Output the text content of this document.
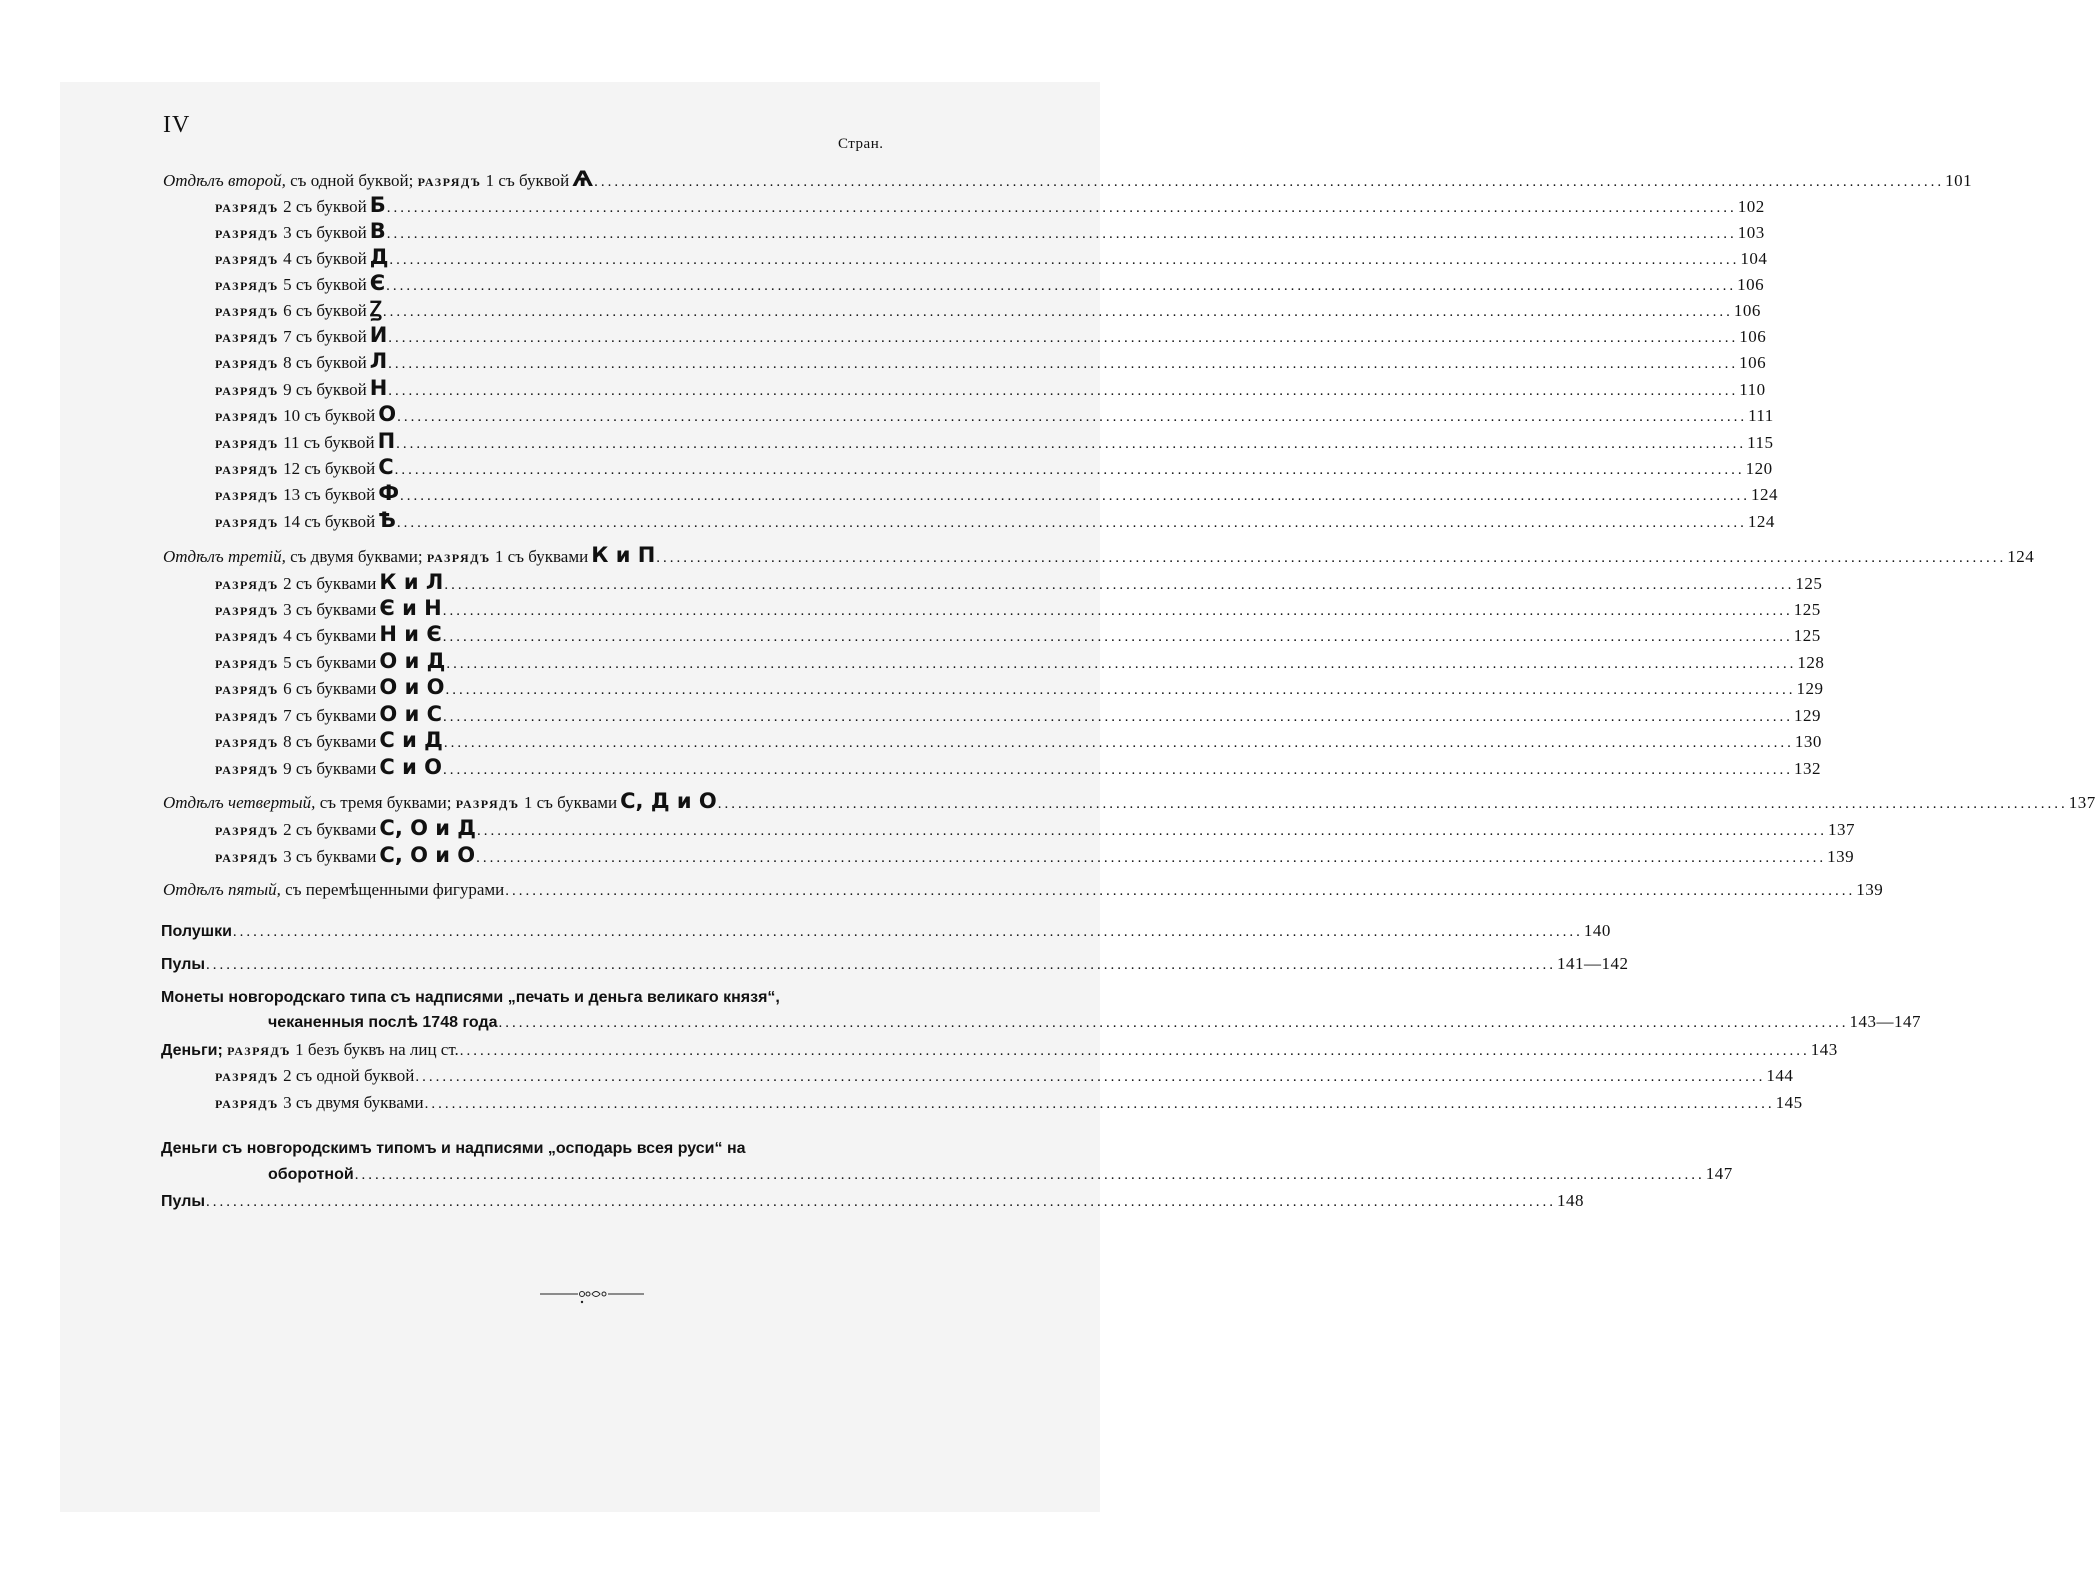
IV
Стран.
Отдѣлъ второй, съ одной буквой; РАЗРЯДЪ 1 съ буквой Ѧ ........................................................................................................................................................................................................ 101
РАЗРЯДЪ 2 съ буквой Б ........................................................................................................................................................................................................ 102
РАЗРЯДЪ 3 съ буквой В ........................................................................................................................................................................................................ 103
РАЗРЯДЪ 4 съ буквой Д ........................................................................................................................................................................................................ 104
РАЗРЯДЪ 5 съ буквой Є ........................................................................................................................................................................................................ 106
РАЗРЯДЪ 6 съ буквой Ꙁ ........................................................................................................................................................................................................ 106
РАЗРЯДЪ 7 съ буквой И ........................................................................................................................................................................................................ 106
РАЗРЯДЪ 8 съ буквой Л ........................................................................................................................................................................................................ 106
РАЗРЯДЪ 9 съ буквой Н ........................................................................................................................................................................................................ 110
РАЗРЯДЪ 10 съ буквой О ........................................................................................................................................................................................................ 111
РАЗРЯДЪ 11 съ буквой П ........................................................................................................................................................................................................ 115
РАЗРЯДЪ 12 съ буквой С ........................................................................................................................................................................................................ 120
РАЗРЯДЪ 13 съ буквой Ф ........................................................................................................................................................................................................ 124
РАЗРЯДЪ 14 съ буквой Ѣ ........................................................................................................................................................................................................ 124
Отдѣлъ третій, съ двумя буквами; РАЗРЯДЪ 1 съ буквами К и П ........................................................................................................................................................................................................ 124
РАЗРЯДЪ 2 съ буквами К и Л ........................................................................................................................................................................................................ 125
РАЗРЯДЪ 3 съ буквами Є и Н ........................................................................................................................................................................................................ 125
РАЗРЯДЪ 4 съ буквами Н и Є ........................................................................................................................................................................................................ 125
РАЗРЯДЪ 5 съ буквами О и Д ........................................................................................................................................................................................................ 128
РАЗРЯДЪ 6 съ буквами О и О ........................................................................................................................................................................................................ 129
РАЗРЯДЪ 7 съ буквами О и С ........................................................................................................................................................................................................ 129
РАЗРЯДЪ 8 съ буквами С и Д ........................................................................................................................................................................................................ 130
РАЗРЯДЪ 9 съ буквами С и О ........................................................................................................................................................................................................ 132
Отдѣлъ четвертый, съ тремя буквами; РАЗРЯДЪ 1 съ буквами С, Д и О ........................................................................................................................................................................................................ 137
РАЗРЯДЪ 2 съ буквами С, О и Д ........................................................................................................................................................................................................ 137
РАЗРЯДЪ 3 съ буквами С, О и О ........................................................................................................................................................................................................ 139
Отдѣлъ пятый, съ перемѣщенными фигурами ........................................................................................................................................................................................................ 139
Полушки ........................................................................................................................................................................................................ 140
Пулы ........................................................................................................................................................................................................ 141—142
Монеты новгородскаго типа съ надписями „печать и деньга великаго князя“,
чеканенныя послѣ 1748 года ........................................................................................................................................................................................................ 143—147
Деньги; РАЗРЯДЪ 1 безъ буквъ на лиц ст. ........................................................................................................................................................................................................ 143
РАЗРЯДЪ 2 съ одной буквой ........................................................................................................................................................................................................ 144
РАЗРЯДЪ 3 съ двумя буквами ........................................................................................................................................................................................................ 145
Деньги съ новгородскимъ типомъ и надписями „осподарь всея руси“ на
оборотной ........................................................................................................................................................................................................ 147
Пулы ........................................................................................................................................................................................................ 148
